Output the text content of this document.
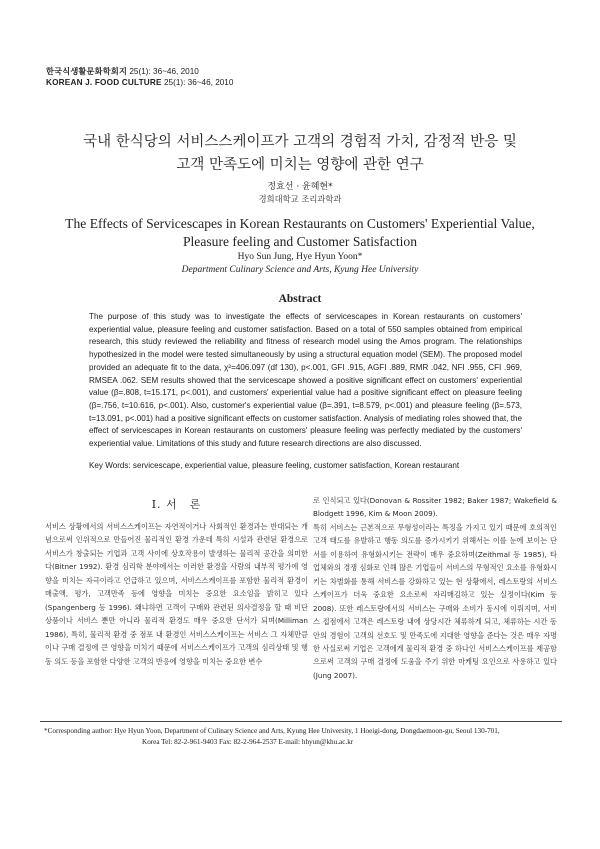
한국식생활문화학회지 25(1): 36~46, 2010
KOREAN J. FOOD CULTURE 25(1): 36~46, 2010
국내 한식당의 서비스스케이프가 고객의 경험적 가치, 감정적 반응 및
고객 만족도에 미치는 영향에 관한 연구
정효선 · 윤혜현*
경희대학교 조리과학과
The Effects of Servicescapes in Korean Restaurants on Customers' Experiential Value,
Pleasure feeling and Customer Satisfaction
Hyo Sun Jung, Hye Hyun Yoon*
Department Culinary Science and Arts, Kyung Hee University
Abstract
The purpose of this study was to investigate the effects of servicescapes in Korean restaurants on customers' experiential value, pleasure feeling and customer satisfaction. Based on a total of 550 samples obtained from empirical research, this study reviewed the reliability and fitness of research model using the Amos program. The relationships hypothesized in the model were tested simultaneously by using a structural equation model (SEM). The proposed model provided an adequate fit to the data, χ²=406.097 (df 130), p<.001, GFI .915, AGFI .889, RMR .042, NFI .955, CFI .969, RMSEA .062. SEM results showed that the servicescape showed a positive significant effect on customers' experiential value (β=.808, t=15.171, p<.001), and customers' experiential value had a positive significant effect on pleasure feeling (β=.756, t=10.616, p<.001). Also, customer's experiential value (β=.391, t=8.579, p<.001) and pleasure feeling (β=.573, t=13.091, p<.001) had a positive significant effects on customer satisfaction. Analysis of mediating roles showed that, the effect of servicescapes in Korean restaurants on customers' pleasure feeling was perfectly mediated by the customers' experiential value. Limitations of this study and future research directions are also discussed.
Key Words: servicescape, experiential value, pleasure feeling, customer satisfaction, Korean restaurant
I. 서　론

서비스 상황에서의 서비스스케이프는 자연적이거나 사회적인 환경과는 반대되는 개념으로써 인위적으로 만들어진 물리적인 환경 가운데 특히 시설과 관련된 환경으로 서비스가 창출되는 기업과 고객 사이에 상호작용이 발생하는 물리적 공간을 의미한다(Bitner 1992). 환경 심리학 분야에서는 이러한 환경을 사람의 내부적 평가에 영향을 미치는 자극이라고 언급하고 있으며, 서비스스케이프를 포함한 물리적 환경이 매출액, 평가, 고객만족 등에 영향을 미치는 중요한 요소임을 밝히고 있다(Spangenberg 등 1996). 왜냐하면 고객이 구매와 관련된 의사결정을 할 때 비단 상품이나 서비스 뿐만 아니라 물리적 환경도 매우 중요한 단서가 되며(Milliman 1986), 특히, 물리적 환경 중 점포 내 환경인 서비스스케이프는 서비스 그 자체만큼이나 구매 결정에 큰 영향을 미치기 때문에 서비스스케이프가 고객의 심리상태 및 행동 의도 등을 포함한 다양한 고객의 반응에 영향을 미치는 중요한 변수

로 인식되고 있다(Donovan & Rossiter 1982; Baker 1987; Wakefield & Blodgett 1996, Kim & Moon 2009).

특히 서비스는 근본적으로 무형성이라는 특징을 가지고 있기 때문에 호의적인 고객 태도를 유발하고 행동 의도를 증가시키기 위해서는 이를 눈에 보이는 단서를 이용하여 유형화시키는 전략이 매우 중요하며(Zeithmal 등 1985), 타 업체와의 경쟁 심화로 인해 많은 기업들이 서비스의 무형적인 요소를 유형화시키는 차별화를 통해 서비스를 강화하고 있는 현 상황에서, 레스토랑의 서비스스케이프가 더욱 중요한 요소로써 자리매김하고 있는 실정이다(Kim 등 2008). 또한 레스토랑에서의 서비스는 구매와 소비가 동시에 이뤄지며, 서비스 접점에서 고객은 레스토랑 내에 상당시간 체류하게 되고, 체류하는 시간 동안의 경험이 고객의 선호도 및 만족도에 지대한 영향을 준다는 것은 매우 자명한 사실로써 기업은 고객에게 물리적 환경 중 하나인 서비스스케이프를 제공함으로써 고객의 구매 결정에 도움을 주기 위한 마케팅 요인으로 사용하고 있다(Jung 2007).

*Corresponding author: Hye Hyun Yoon, Department of Culinary Science and Arts, Kyung Hee University, 1 Hoeigi-dong, Dongdaemoon-gu, Seoul 130-701,
Korea Tel: 82-2-961-9403 Fax: 82-2-964-2537 E-mail: hhyun@khu.ac.kr
